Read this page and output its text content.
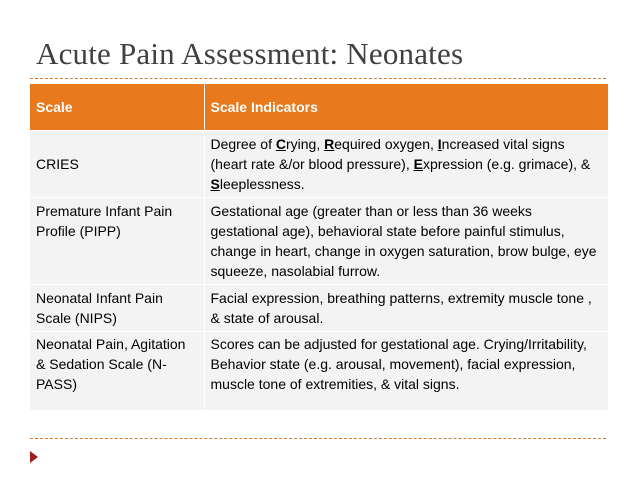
Acute Pain Assessment: Neonates
Scale	Scale Indicators
CRIES	Degree of Crying, Required oxygen, Increased vital signs (heart rate &/or blood pressure), Expression (e.g. grimace), & Sleeplessness.
Premature Infant Pain Profile (PIPP)	Gestational age (greater than or less than 36 weeks gestational age), behavioral state before painful stimulus, change in heart, change in oxygen saturation, brow bulge, eye squeeze, nasolabial furrow.
Neonatal Infant Pain Scale (NIPS)	Facial expression, breathing patterns, extremity muscle tone , & state of arousal.
Neonatal Pain, Agitation & Sedation Scale (N-PASS)	Scores can be adjusted for gestational age. Crying/Irritability, Behavior state (e.g. arousal, movement), facial expression, muscle tone of extremities, & vital signs.
